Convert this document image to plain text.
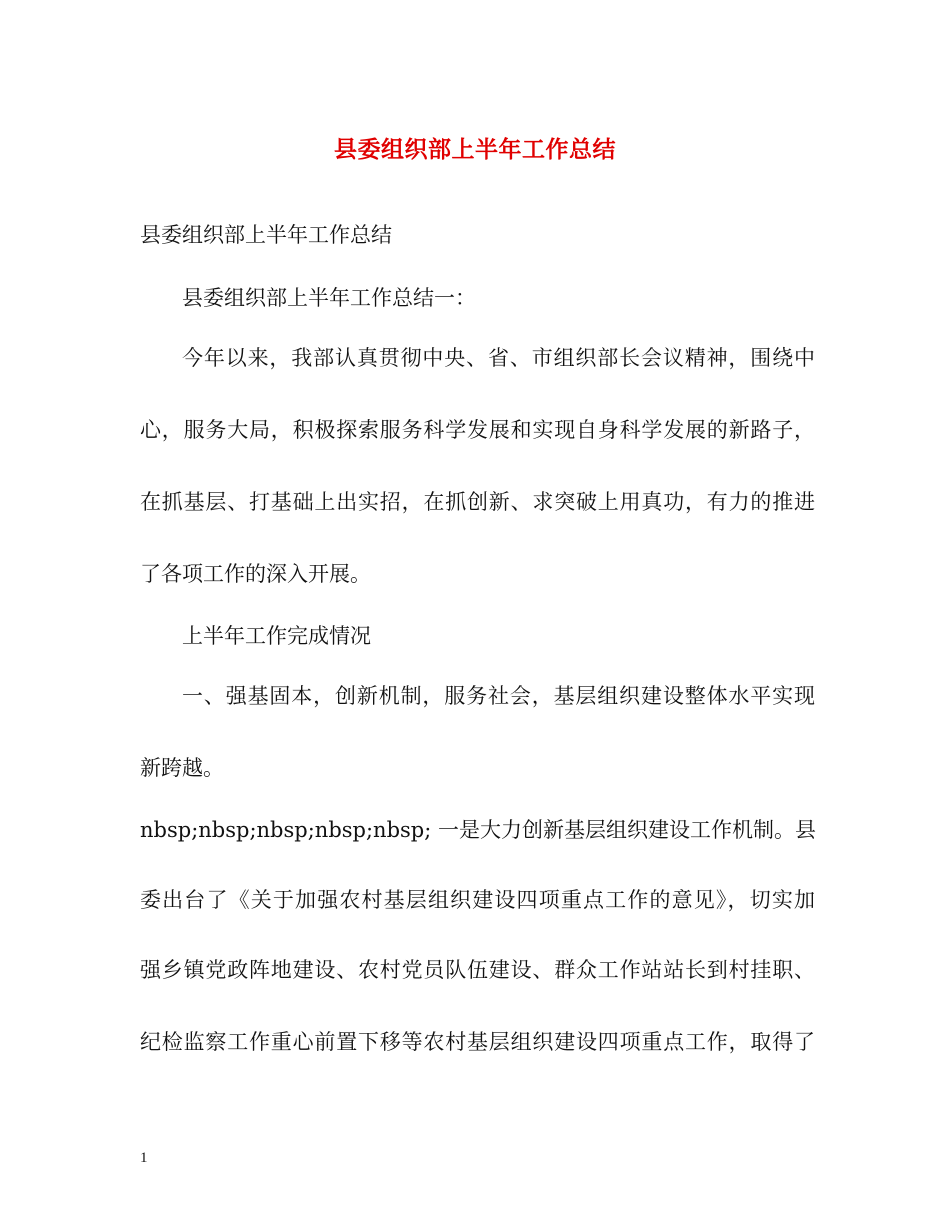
县委组织部上半年工作总结
县委组织部上半年工作总结
县委组织部上半年工作总结一：
今年以来，我部认真贯彻中央、省、市组织部长会议精神，围绕中
心，服务大局，积极探索服务科学发展和实现自身科学发展的新路子，
在抓基层、打基础上出实招，在抓创新、求突破上用真功，有力的推进
了各项工作的深入开展。
上半年工作完成情况
一、强基固本，创新机制，服务社会，基层组织建设整体水平实现
新跨越。
nbsp;nbsp;nbsp;nbsp;nbsp; 一是大力创新基层组织建设工作机制。县
委出台了《关于加强农村基层组织建设四项重点工作的意见》，切实加
强乡镇党政阵地建设、农村党员队伍建设、群众工作站站长到村挂职、
纪检监察工作重心前置下移等农村基层组织建设四项重点工作，取得了
1
